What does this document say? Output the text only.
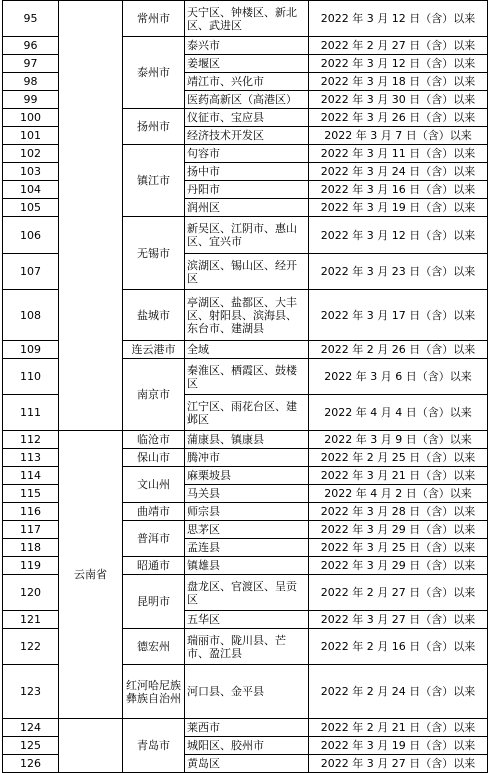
95		常州市	天宁区、钟楼区、新北区、武进区	2022 年 3 月 12 日（含）以来
96		泰州市	泰兴市	2022 年 2 月 27 日（含）以来
97			姜堰区	2022 年 3 月 12 日（含）以来
98			靖江市、兴化市	2022 年 3 月 18 日（含）以来
99			医药高新区（高港区）	2022 年 3 月 30 日（含）以来
100		扬州市	仪征市、宝应县	2022 年 3 月 26 日（含）以来
101			经济技术开发区	2022 年 3 月 7 日（含）以来
102		镇江市	句容市	2022 年 3 月 11 日（含）以来
103			扬中市	2022 年 3 月 24 日（含）以来
104			丹阳市	2022 年 3 月 16 日（含）以来
105			润州区	2022 年 3 月 19 日（含）以来
106		无锡市	新吴区、江阴市、惠山区、宜兴市	2022 年 3 月 12 日（含）以来
107			滨湖区、锡山区、经开区	2022 年 3 月 23 日（含）以来
108		盐城市	亭湖区、盐都区、大丰区、射阳县、滨海县、东台市、建湖县	2022 年 3 月 17 日（含）以来
109		连云港市	全域	2022 年 2 月 26 日（含）以来
110		南京市	秦淮区、栖霞区、鼓楼区	2022 年 3 月 6 日（含）以来
111			江宁区、雨花台区、建邺区	2022 年 4 月 4 日（含）以来
112	云南省	临沧市	蒲康县、镇康县	2022 年 3 月 9 日（含）以来
113		保山市	腾冲市	2022 年 2 月 25 日（含）以来
114		文山州	麻栗坡县	2022 年 3 月 21 日（含）以来
115			马关县	2022 年 4 月 2 日（含）以来
116		曲靖市	师宗县	2022 年 3 月 28 日（含）以来
117		普洱市	思茅区	2022 年 3 月 29 日（含）以来
118			孟连县	2022 年 3 月 25 日（含）以来
119		昭通市	镇雄县	2022 年 3 月 29 日（含）以来
120		昆明市	盘龙区、官渡区、呈贡区	2022 年 2 月 27 日（含）以来
121			五华区	2022 年 3 月 27 日（含）以来
122		德宏州	瑞丽市、陇川县、芒市、盈江县	2022 年 2 月 16 日（含）以来
123		红河哈尼族彝族自治州	河口县、金平县	2022 年 2 月 24 日（含）以来
124		青岛市	莱西市	2022 年 2 月 21 日（含）以来
125			城阳区、胶州市	2022 年 3 月 19 日（含）以来
126			黄岛区	2022 年 3 月 27 日（含）以来
